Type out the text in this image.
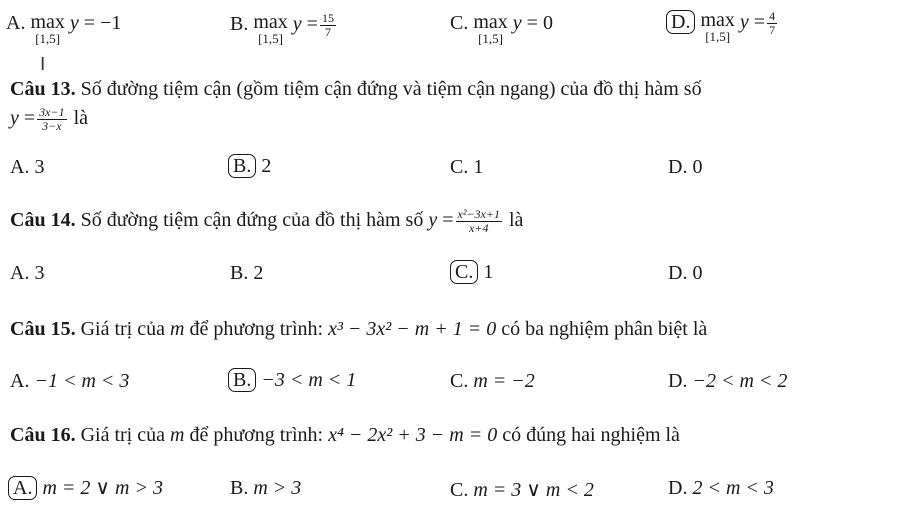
A. max
[1,5]
y = −1	B. max
[1,5]
$y = \frac{15}{7}$	C. max
[1,5]
y = 0	D. max
[1,5]
$y = \frac{4}{7}$
I
Câu 13. Số đường tiệm cận (gồm tiệm cận đứng và tiệm cận ngang) của đồ thị hàm số
$y = \frac{3x-1}{3-x}$ là
A. 3	B. 2	C. 1	D. 0
Câu 14. Số đường tiệm cận đứng của đồ thị hàm số $y = \frac{\text{x²−3x+1}}{x+4}$ là
A. 3	B. 2	C. 1	D. 0
Câu 15. Giá trị của m để phương trình: x³ − 3x² − m + 1 = 0 có ba nghiệm phân biệt là
A. −1 < m < 3	B. −3 < m < 1	C. m = −2	D. −2 < m < 2
Câu 16. Giá trị của m để phương trình: x⁴ − 2x² + 3 − m = 0 có đúng hai nghiệm là
A. m = 2 ∨ m > 3	B. m > 3	C. m = 3 ∨ m < 2	D. 2 < m < 3
